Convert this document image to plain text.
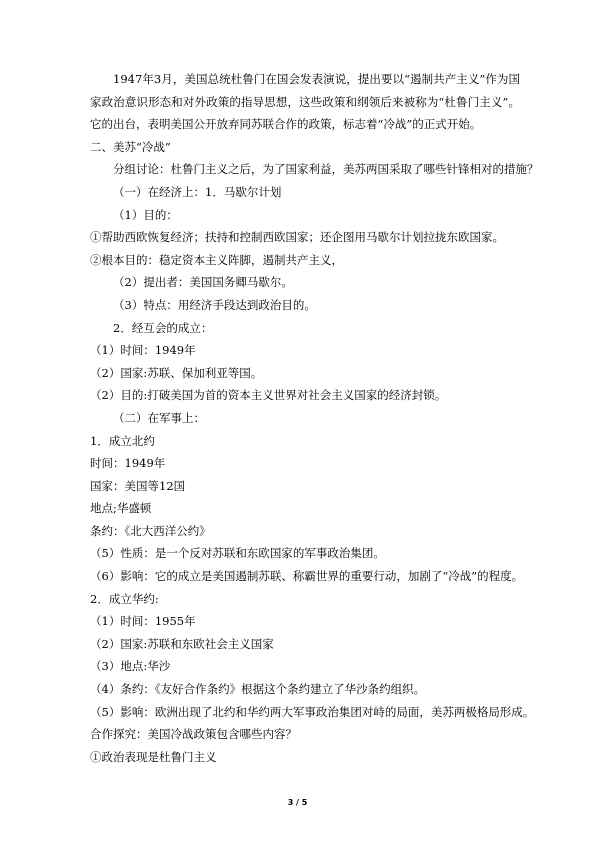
1947年3月，美国总统杜鲁门在国会发表演说，提出要以“遏制共产主义”作为国家政治意识形态和对外政策的指导思想，这些政策和纲领后来被称为“杜鲁门主义”。它的出台，表明美国公开放弃同苏联合作的政策，标志着“冷战”的正式开始。
二、美苏“冷战”
分组讨论：杜鲁门主义之后，为了国家利益，美苏两国采取了哪些针锋相对的措施？
（一）在经济上：1．马歇尔计划
（1）目的：
①帮助西欧恢复经济；扶持和控制西欧国家；还企图用马歇尔计划拉拢东欧国家。
②根本目的：稳定资本主义阵脚，遏制共产主义，
（2）提出者：美国国务卿马歇尔。
（3）特点：用经济手段达到政治目的。
2．经互会的成立：
（1）时间：1949年
（2）国家:苏联、保加利亚等国。
（2）目的:打破美国为首的资本主义世界对社会主义国家的经济封锁。
（二）在军事上：
1．成立北约
时间：1949年
国家：美国等12国
地点;华盛顿
条约：《北大西洋公约》
（5）性质：是一个反对苏联和东欧国家的军事政治集团。
（6）影响：它的成立是美国遏制苏联、称霸世界的重要行动，加剧了“冷战”的程度。
2．成立华约:
（1）时间：1955年
（2）国家:苏联和东欧社会主义国家
（3）地点:华沙
（4）条约：《友好合作条约》根据这个条约建立了华沙条约组织。
（5）影响：欧洲出现了北约和华约两大军事政治集团对峙的局面，美苏两极格局形成。
合作探究：美国冷战政策包含哪些内容？
①政治表现是杜鲁门主义
3 / 5
